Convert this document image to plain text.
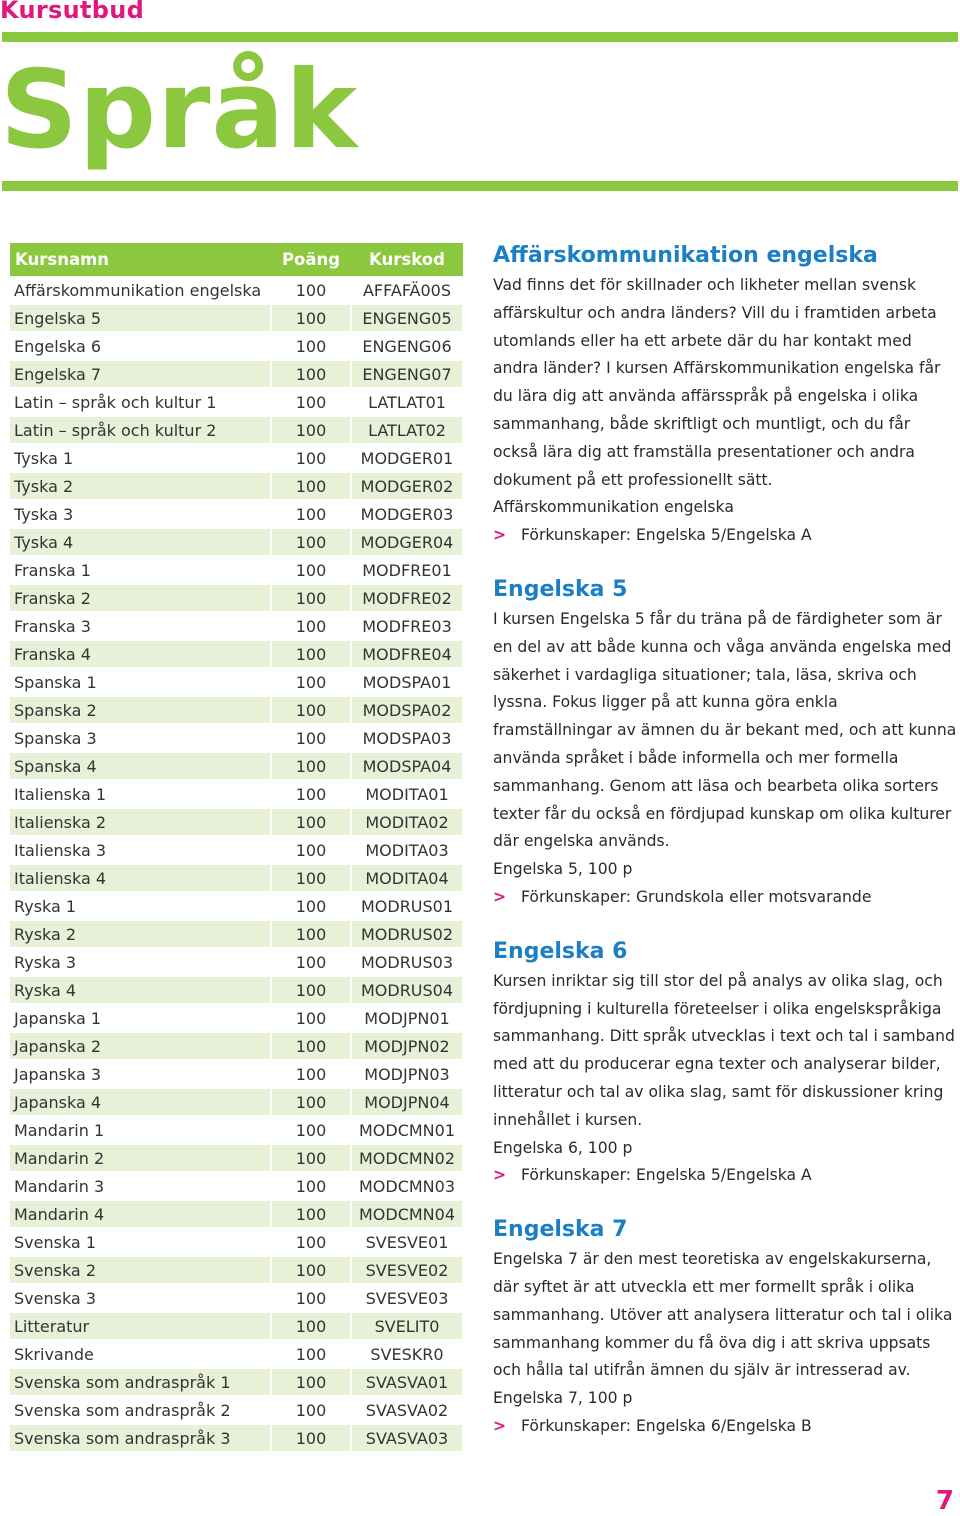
Kursutbud
Språk
Kursnamn	Poäng	Kurskod
Affärskommunikation engelska	100	AFFAFÄ00S
Engelska 5	100	ENGENG05
Engelska 6	100	ENGENG06
Engelska 7	100	ENGENG07
Latin – språk och kultur 1	100	LATLAT01
Latin – språk och kultur 2	100	LATLAT02
Tyska 1	100	MODGER01
Tyska 2	100	MODGER02
Tyska 3	100	MODGER03
Tyska 4	100	MODGER04
Franska 1	100	MODFRE01
Franska 2	100	MODFRE02
Franska 3	100	MODFRE03
Franska 4	100	MODFRE04
Spanska 1	100	MODSPA01
Spanska 2	100	MODSPA02
Spanska 3	100	MODSPA03
Spanska 4	100	MODSPA04
Italienska 1	100	MODITA01
Italienska 2	100	MODITA02
Italienska 3	100	MODITA03
Italienska 4	100	MODITA04
Ryska 1	100	MODRUS01
Ryska 2	100	MODRUS02
Ryska 3	100	MODRUS03
Ryska 4	100	MODRUS04
Japanska 1	100	MODJPN01
Japanska 2	100	MODJPN02
Japanska 3	100	MODJPN03
Japanska 4	100	MODJPN04
Mandarin 1	100	MODCMN01
Mandarin 2	100	MODCMN02
Mandarin 3	100	MODCMN03
Mandarin 4	100	MODCMN04
Svenska 1	100	SVESVE01
Svenska 2	100	SVESVE02
Svenska 3	100	SVESVE03
Litteratur	100	SVELIT0
Skrivande	100	SVESKR0
Svenska som andraspråk 1	100	SVASVA01
Svenska som andraspråk 2	100	SVASVA02
Svenska som andraspråk 3	100	SVASVA03
Affärskommunikation engelska

Vad finns det för skillnader och likheter mellan svensk affärskultur och andra länders? Vill du i framtiden arbeta utomlands eller ha ett arbete där du har kontakt med andra länder? I kursen Affärskommunikation engelska får du lära dig att använda affärsspråk på engelska i olika sammanhang, både skriftligt och muntligt, och du får också lära dig att framställa presentationer och andra dokument på ett professionellt sätt.

Affärskommunikation engelska

> Förkunskaper: Engelska 5/Engelska A

Engelska 5

I kursen Engelska 5 får du träna på de färdigheter som är en del av att både kunna och våga använda engelska med säkerhet i vardagliga situationer; tala, läsa, skriva och lyssna. Fokus ligger på att kunna göra enkla framställningar av ämnen du är bekant med, och att kunna använda språket i både informella och mer formella sammanhang. Genom att läsa och bearbeta olika sorters texter får du också en fördjupad kunskap om olika kulturer där engelska används.

Engelska 5, 100 p

> Förkunskaper: Grundskola eller motsvarande

Engelska 6

Kursen inriktar sig till stor del på analys av olika slag, och fördjupning i kulturella företeelser i olika engelskspråkiga sammanhang. Ditt språk utvecklas i text och tal i samband med att du producerar egna texter och analyserar bilder, litteratur och tal av olika slag, samt för diskussioner kring innehållet i kursen.

Engelska 6, 100 p

> Förkunskaper: Engelska 5/Engelska A

Engelska 7

Engelska 7 är den mest teoretiska av engelskakurserna, där syftet är att utveckla ett mer formellt språk i olika sammanhang. Utöver att analysera litteratur och tal i olika sammanhang kommer du få öva dig i att skriva uppsats och hålla tal utifrån ämnen du själv är intresserad av.

Engelska 7, 100 p

> Förkunskaper: Engelska 6/Engelska B

7
